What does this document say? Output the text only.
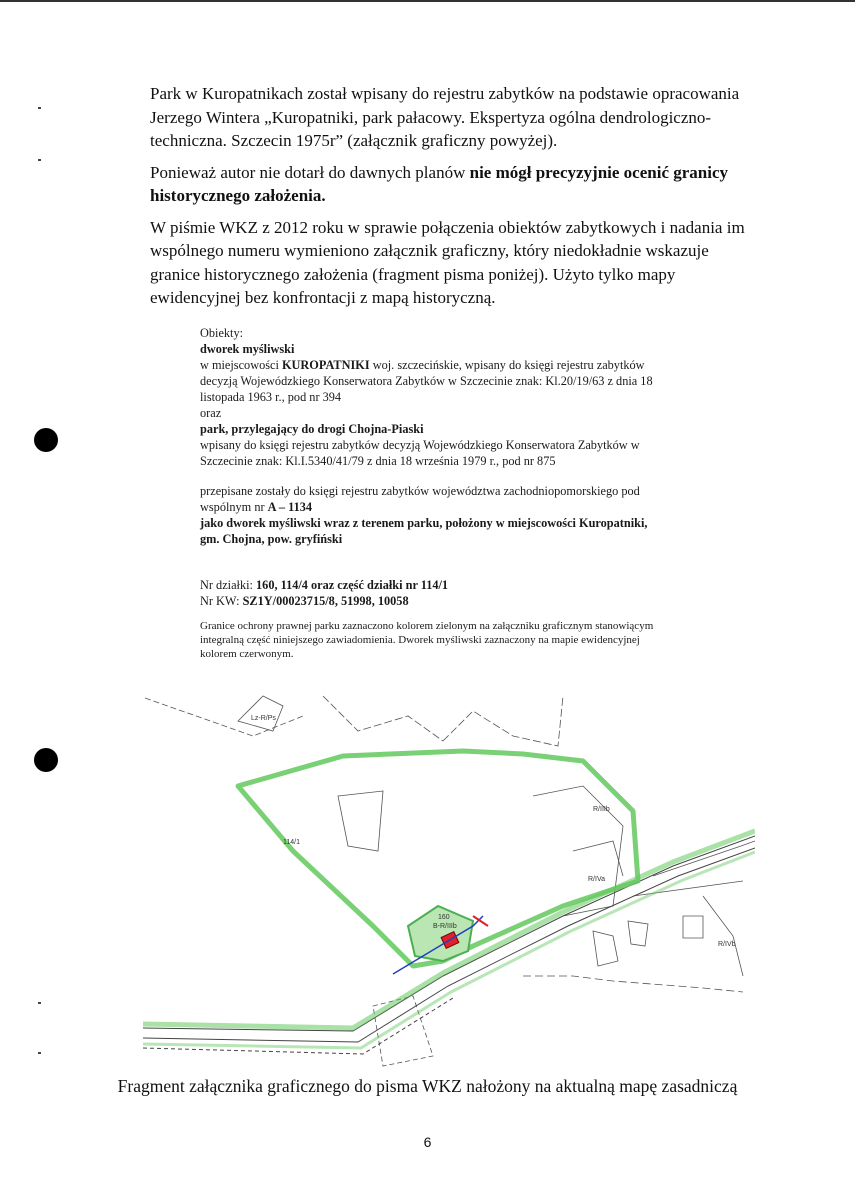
Park w Kuropatnikach został wpisany do rejestru zabytków na podstawie opracowania Jerzego Wintera „Kuropatniki, park pałacowy. Ekspertyza ogólna dendrologiczno-techniczna. Szczecin 1975r” (załącznik graficzny powyżej).

Ponieważ autor nie dotarł do dawnych planów nie mógł precyzyjnie ocenić granicy historycznego założenia.

W piśmie WKZ z 2012 roku w sprawie połączenia obiektów zabytkowych i nadania im wspólnego numeru wymieniono załącznik graficzny, który niedokładnie wskazuje granice historycznego założenia (fragment pisma poniżej). Użyto tylko mapy ewidencyjnej bez konfrontacji z mapą historyczną.

Obiekty:
dworek myśliwski
w miejscowości KUROPATNIKI woj. szczecińskie, wpisany do księgi rejestru zabytków
decyzją Wojewódzkiego Konserwatora Zabytków w Szczecinie znak: Kl.20/19/63 z dnia 18
listopada 1963 r., pod nr 394
oraz
park, przylegający do drogi Chojna-Piaski
wpisany do księgi rejestru zabytków decyzją Wojewódzkiego Konserwatora Zabytków w
Szczecinie znak: Kl.I.5340/41/79 z dnia 18 września 1979 r., pod nr 875
przepisane zostały do księgi rejestru zabytków województwa zachodniopomorskiego pod
wspólnym nr A – 1134
jako dworek myśliwski wraz z terenem parku, położony w miejscowości Kuropatniki,
gm. Chojna, pow. gryfiński
Nr działki: 160, 114/4 oraz część działki nr 114/1
Nr KW: SZ1Y/00023715/8, 51998, 10058
Granice ochrony prawnej parku zaznaczono kolorem zielonym na załączniku graficznym stanowiącym
integralną część niniejszego zawiadomienia. Dworek myśliwski zaznaczony na mapie ewidencyjnej
kolorem czerwonym.
Lz-R/Ps
114/1
R/IIIb
R/IVa
160
B-R/IIIb
R/IVb
Fragment załącznika graficznego do pisma WKZ nałożony na aktualną mapę zasadniczą
6
